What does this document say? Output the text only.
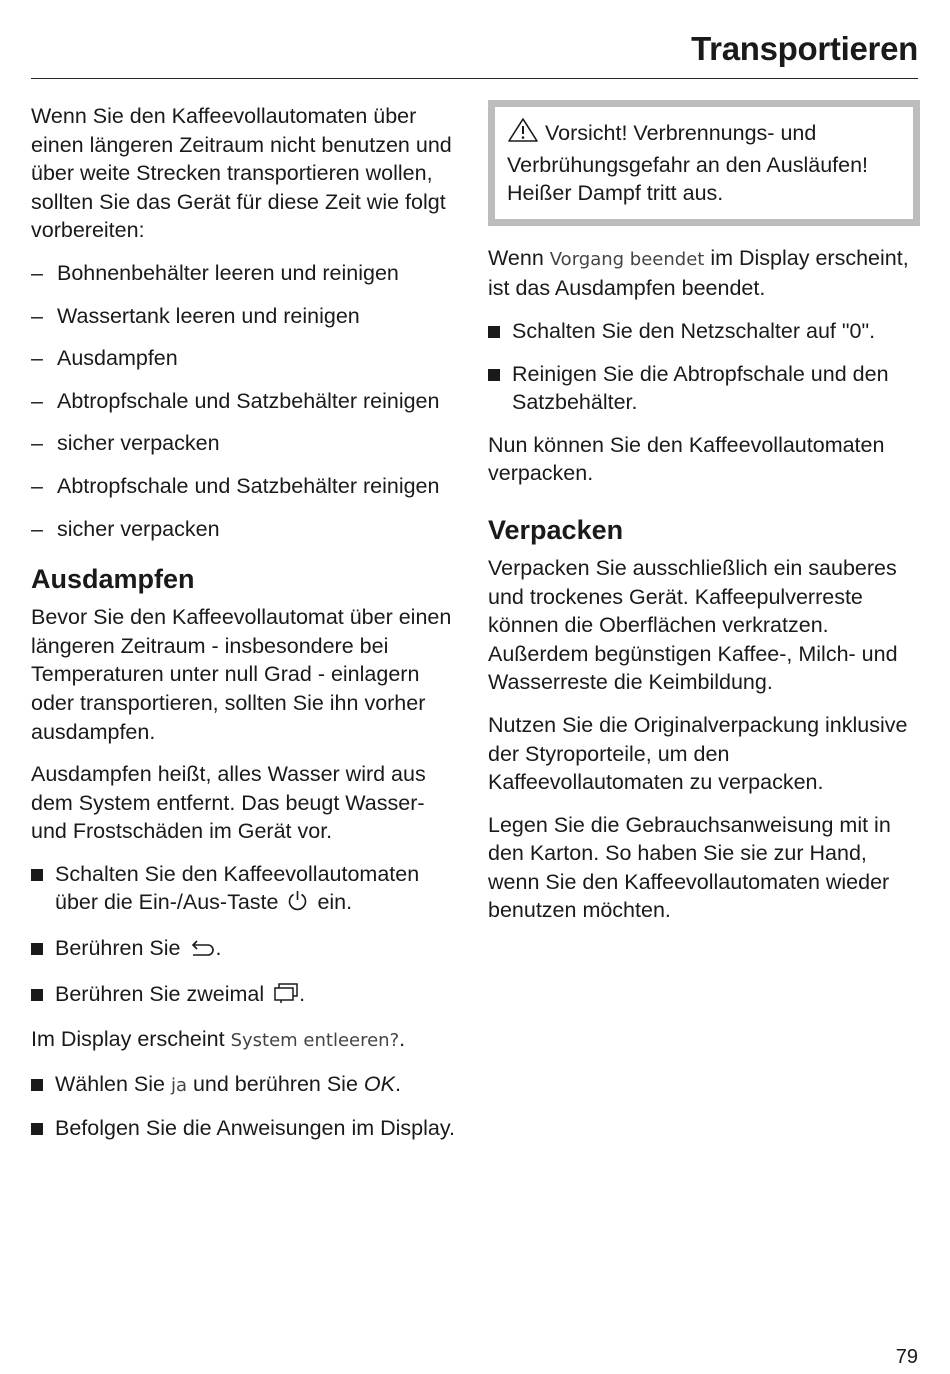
Transportieren

Wenn Sie den Kaffeevollautomaten über einen längeren Zeitraum nicht benutzen und über weite Strecken transportieren wollen, sollten Sie das Gerät für diese Zeit wie folgt vorbereiten:

– Bohnenbehälter leeren und reinigen
– Wassertank leeren und reinigen
– Ausdampfen
– Abtropfschale und Satzbehälter reinigen
– sicher verpacken
– Abtropfschale und Satzbehälter reinigen
– sicher verpacken
Ausdampfen

Bevor Sie den Kaffeevollautomat über einen längeren Zeitraum - insbesondere bei Temperaturen unter null Grad - einlagern oder transportieren, sollten Sie ihn vorher ausdampfen.

Ausdampfen heißt, alles Wasser wird aus dem System entfernt. Das beugt Wasser- und Frostschäden im Gerät vor.

Schalten Sie den Kaffeevollautomaten über die Ein-/Aus-Taste ein.
Berühren Sie .
Berühren Sie zweimal .

Im Display erscheint System entleeren?.

Wählen Sie ja und berühren Sie OK.
Befolgen Sie die Anweisungen im Display.
Vorsicht! Verbrennungs- und Verbrühungsgefahr an den Ausläufen! Heißer Dampf tritt aus.

Wenn Vorgang beendet im Display erscheint, ist das Ausdampfen beendet.

Schalten Sie den Netzschalter auf "0".
Reinigen Sie die Abtropfschale und den Satzbehälter.

Nun können Sie den Kaffeevollautomaten verpacken.

Verpacken

Verpacken Sie ausschließlich ein sauberes und trockenes Gerät. Kaffeepulverreste können die Oberflächen verkratzen. Außerdem begünstigen Kaffee-, Milch- und Wasserreste die Keimbildung.

Nutzen Sie die Originalverpackung inklusive der Styroporteile, um den Kaffeevollautomaten zu verpacken.

Legen Sie die Gebrauchsanweisung mit in den Karton. So haben Sie sie zur Hand, wenn Sie den Kaffeevollautomaten wieder benutzen möchten.

79
